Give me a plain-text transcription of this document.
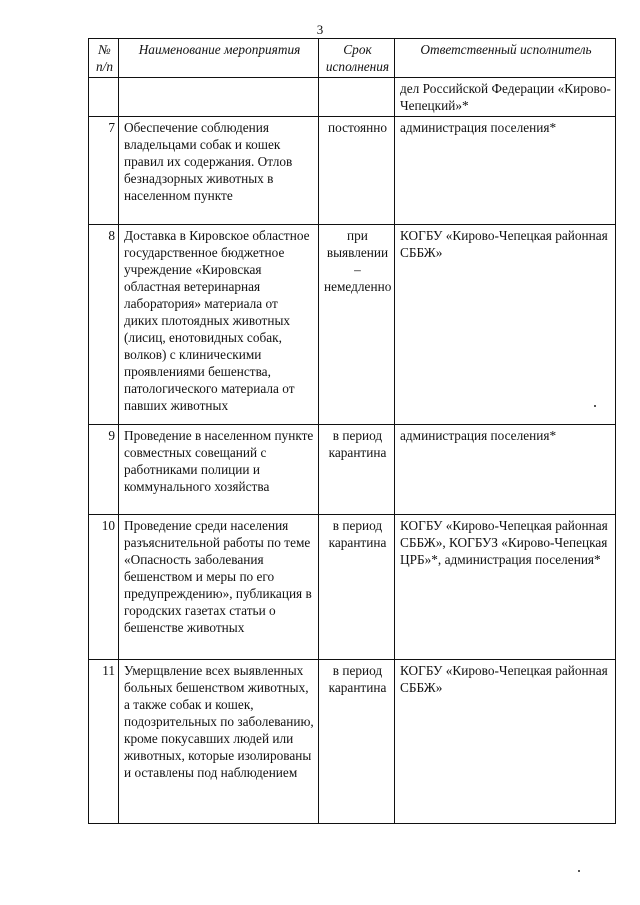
3
№ п/п	Наименование мероприятия	Срок исполнения	Ответственный исполнитель
			дел Российской Федерации «Кирово-Чепецкий»*
7	Обеспечение соблюдения владельцами собак и кошек правил их содержания. Отлов безнадзорных животных в населенном пункте	постоянно	администрация поселения*
8	Доставка в Кировское областное государственное бюджетное учреждение «Кировская областная ветеринарная лаборатория» материала от диких плотоядных животных (лисиц, енотовидных собак, волков) с клиническими проявлениями бешенства, патологического материала от павших животных	при выявлении – немедленно	КОГБУ «Кирово-Чепецкая районная СББЖ»
9	Проведение в населенном пункте совместных совещаний с работниками полиции и коммунального хозяйства	в период карантина	администрация поселения*
10	Проведение среди населения разъяснительной работы по теме «Опасность заболевания бешенством и меры по его предупреждению», публикация в городских газетах статьи о бешенстве животных	в период карантина	КОГБУ «Кирово-Чепецкая районная СББЖ», КОГБУЗ «Кирово-Чепецкая ЦРБ»*, администрация поселения*
11	Умерщвление всех выявленных больных бешенством животных, а также собак и кошек, подозрительных по заболеванию, кроме покусавших людей или животных, которые изолированы и оставлены под наблюдением	в период карантина	КОГБУ «Кирово-Чепецкая районная СББЖ»
